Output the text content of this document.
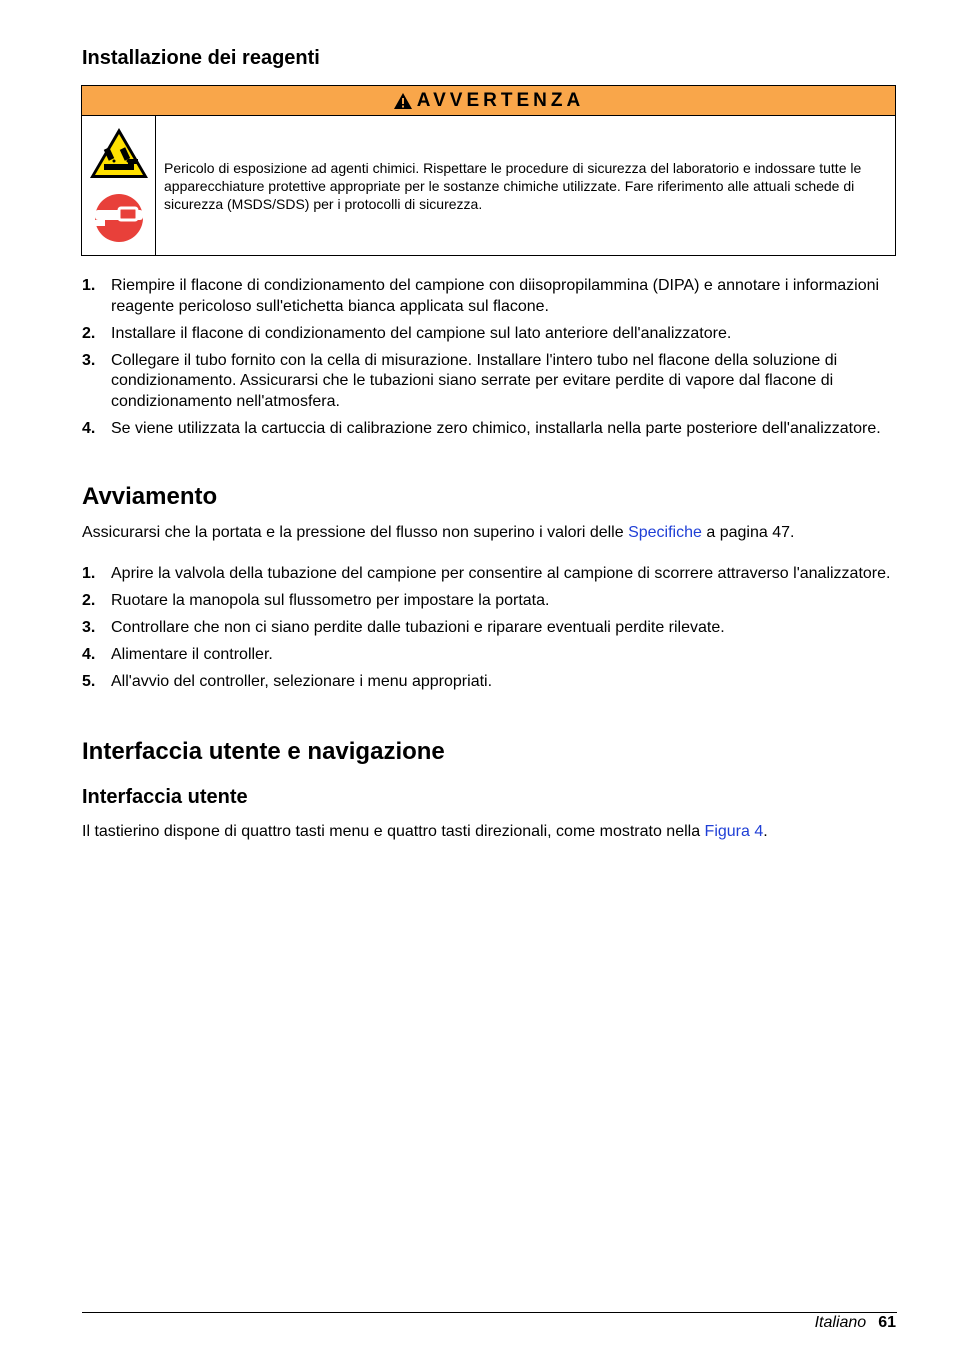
Installazione dei reagenti
AVVERTENZA
Pericolo di esposizione ad agenti chimici. Rispettare le procedure di sicurezza del laboratorio e indossare tutte le apparecchiature protettive appropriate per le sostanze chimiche utilizzate. Fare riferimento alle attuali schede di sicurezza (MSDS/SDS) per i protocolli di sicurezza.
1. Riempire il flacone di condizionamento del campione con diisopropilammina (DIPA) e annotare i informazioni reagente pericoloso sull'etichetta bianca applicata sul flacone.
2. Installare il flacone di condizionamento del campione sul lato anteriore dell'analizzatore.
3. Collegare il tubo fornito con la cella di misurazione. Installare l'intero tubo nel flacone della soluzione di condizionamento. Assicurarsi che le tubazioni siano serrate per evitare perdite di vapore dal flacone di condizionamento nell'atmosfera.
4. Se viene utilizzata la cartuccia di calibrazione zero chimico, installarla nella parte posteriore dell'analizzatore.
Avviamento

Assicurarsi che la portata e la pressione del flusso non superino i valori delle Specifiche a pagina 47.

1. Aprire la valvola della tubazione del campione per consentire al campione di scorrere attraverso l'analizzatore.
2. Ruotare la manopola sul flussometro per impostare la portata.
3. Controllare che non ci siano perdite dalle tubazioni e riparare eventuali perdite rilevate.
4. Alimentare il controller.
5. All'avvio del controller, selezionare i menu appropriati.
Interfaccia utente e navigazione
Interfaccia utente

Il tastierino dispone di quattro tasti menu e quattro tasti direzionali, come mostrato nella Figura 4.

Italiano 61
